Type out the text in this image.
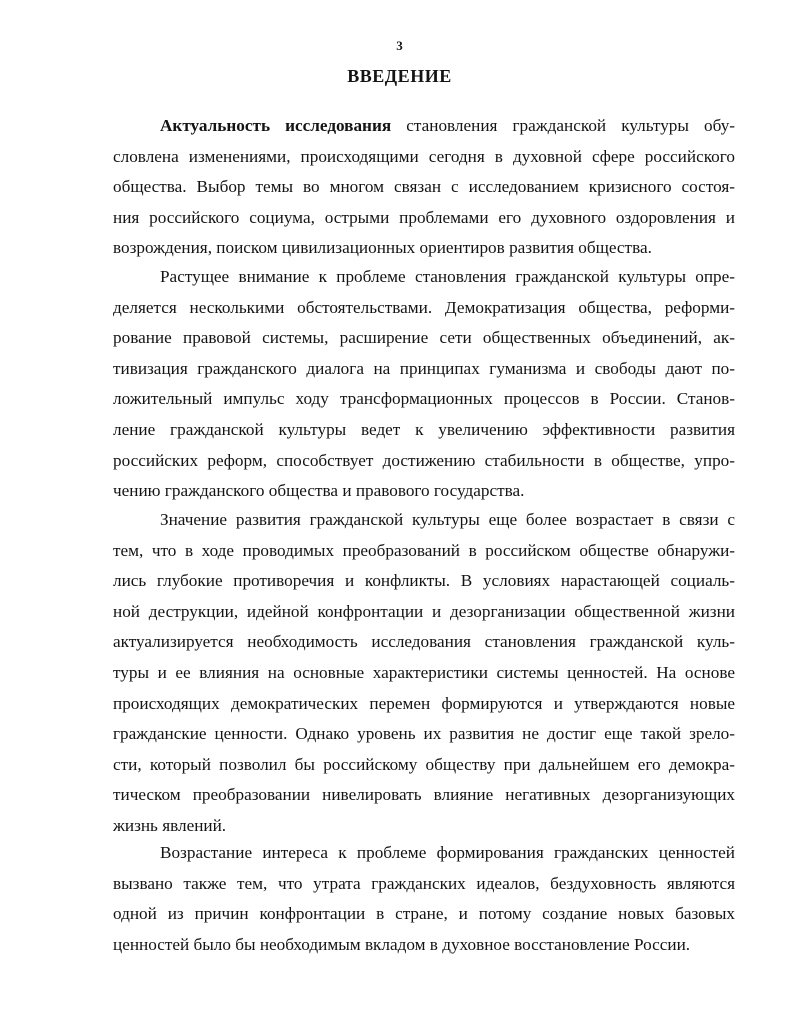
3
ВВЕДЕНИЕ
Актуальность исследования становления гражданской культуры обу-
словлена изменениями, происходящими сегодня в духовной сфере российского
общества. Выбор темы во многом связан с исследованием кризисного состоя-
ния российского социума, острыми проблемами его духовного оздоровления и
возрождения, поиском цивилизационных ориентиров развития общества.
Растущее внимание к проблеме становления гражданской культуры опре-
деляется несколькими обстоятельствами. Демократизация общества, реформи-
рование правовой системы, расширение сети общественных объединений, ак-
тивизация гражданского диалога на принципах гуманизма и свободы дают по-
ложительный импульс ходу трансформационных процессов в России. Станов-
ление гражданской культуры ведет к увеличению эффективности развития
российских реформ, способствует достижению стабильности в обществе, упро-
чению гражданского общества и правового государства.
Значение развития гражданской культуры еще более возрастает в связи с
тем, что в ходе проводимых преобразований в российском обществе обнаружи-
лись глубокие противоречия и конфликты. В условиях нарастающей социаль-
ной деструкции, идейной конфронтации и дезорганизации общественной жизни
актуализируется необходимость исследования становления гражданской куль-
туры и ее влияния на основные характеристики системы ценностей. На основе
происходящих демократических перемен формируются и утверждаются новые
гражданские ценности. Однако уровень их развития не достиг еще такой зрело-
сти, который позволил бы российскому обществу при дальнейшем его демокра-
тическом преобразовании нивелировать влияние негативных дезорганизующих
жизнь явлений.
Возрастание интереса к проблеме формирования гражданских ценностей
вызвано также тем, что утрата гражданских идеалов, бездуховность являются
одной из причин конфронтации в стране, и потому создание новых базовых
ценностей было бы необходимым вкладом в духовное восстановление России.
